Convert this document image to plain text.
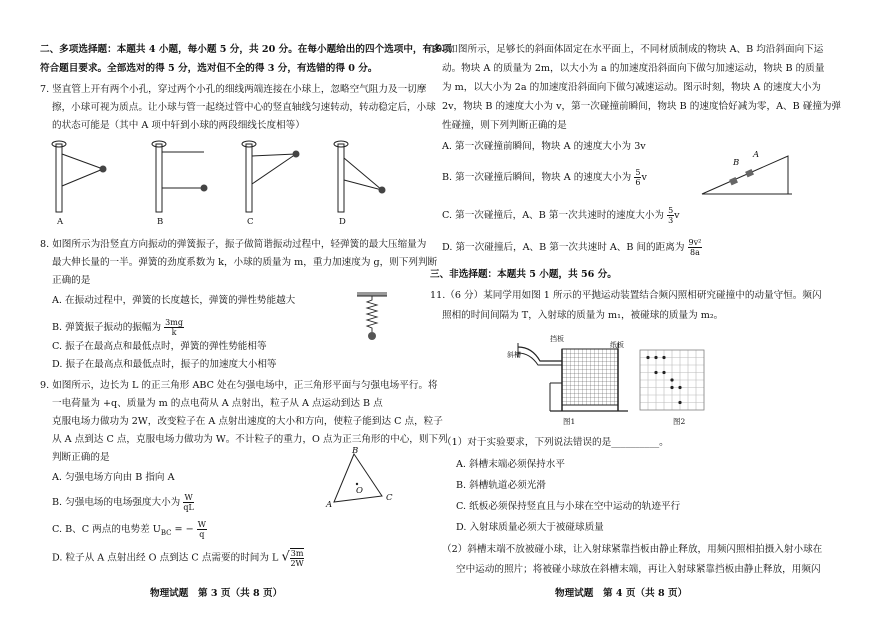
二、多项选择题：本题共 4 小题，每小题 5 分，共 20 分。在每小题给出的四个选项中，有多项
符合题目要求。全部选对的得 5 分，选对但不全的得 3 分，有选错的得 0 分。
7. 竖直管上开有两个小孔，穿过两个小孔的细线两端连接在小球上，忽略空气阻力及一切摩
擦，小球可视为质点。让小球与管一起绕过管中心的竖直轴线匀速转动，转动稳定后，小球
的状态可能是（其中 A 项中轩到小球的两段细线长度相等）
A	B	C	D
8. 如图所示为沿竖直方向振动的弹簧振子，振子做简谐振动过程中，轻弹簧的最大压缩量为
最大伸长量的一半。弹簧的劲度系数为 k，小球的质量为 m，重力加速度为 g，则下列判断
正确的是
A. 在振动过程中，弹簧的长度越长，弹簧的弹性势能越大
B. 弹簧振子振动的振幅为 $\frac{3mg}{k}$
C. 振子在最高点和最低点时，弹簧的弹性势能相等
D. 振子在最高点和最低点时，振子的加速度大小相等
9. 如图所示，边长为 L 的正三角形 ABC 处在匀强电场中，正三角形平面与匀强电场平行。将
一电荷量为 +q、质量为 m 的点电荷从 A 点射出，粒子从 A 点运动到达 B 点
克服电场力做功为 2W，改变粒子在 A 点射出速度的大小和方向，使粒子能到达 C 点，粒子
从 A 点到达 C 点，克服电场力做功为 W。不计粒子的重力，O 点为正三角形的中心，则下列
判断正确的是
A. 匀强电场方向由 B 指向 A
B. 匀强电场的电场强度大小为 $\frac{W}{qL}$
C. B、C 两点的电势差 $U_{BC}$ = − $\frac{W}{q}$
D. 粒子从 A 点射出经 O 点到达 C 点需要的时间为 L √ $\frac{3m}{2W}$
B
A
C
O
物理试题　第 3 页（共 8 页）
10. 如图所示，足够长的斜面体固定在水平面上，不同材质制成的物块 A、B 均沿斜面向下运
动。物块 A 的质量为 2m，以大小为 a 的加速度沿斜面向下做匀加速运动，物块 B 的质量
为 m，以大小为 2a 的加速度沿斜面向下做匀减速运动。图示时刻，物块 A 的速度大小为
2v，物块 B 的速度大小为 v，第一次碰撞前瞬间，物块 B 的速度恰好减为零，A、B 碰撞为弹
性碰撞，则下列判断正确的是
A. 第一次碰撞前瞬间，物块 A 的速度大小为 3v
B. 第一次碰撞后瞬间，物块 A 的速度大小为 $\frac{5}{6}$ v
C. 第一次碰撞后，A、B 第一次共速时的速度大小为 $\frac{5}{3}$ v
D. 第一次碰撞后，A、B 第一次共速时 A、B 间的距离为 $\frac{\text{9v²}}{8a}$
A
B
三、非选择题：本题共 5 小题，共 56 分。
11.（6 分）某同学用如图 1 所示的平抛运动装置结合频闪照相研究碰撞中的动量守恒。频闪
照相的时间间隔为 T，入射球的质量为 m₁，被碰球的质量为 m₂。
挡板
纸板
斜槽
图1	图2
（1）对于实验要求，下列说法错误的是__________。
A. 斜槽末端必须保持水平
B. 斜槽轨道必须光滑
C. 纸板必须保持竖直且与小球在空中运动的轨迹平行
D. 入射球质量必须大于被碰球质量
（2）斜槽末端不放被碰小球，让入射球紧靠挡板由静止释放，用频闪照相拍摄入射小球在
空中运动的照片；将被碰小球放在斜槽末端，再让入射球紧靠挡板由静止释放，用频闪
物理试题　第 4 页（共 8 页）
